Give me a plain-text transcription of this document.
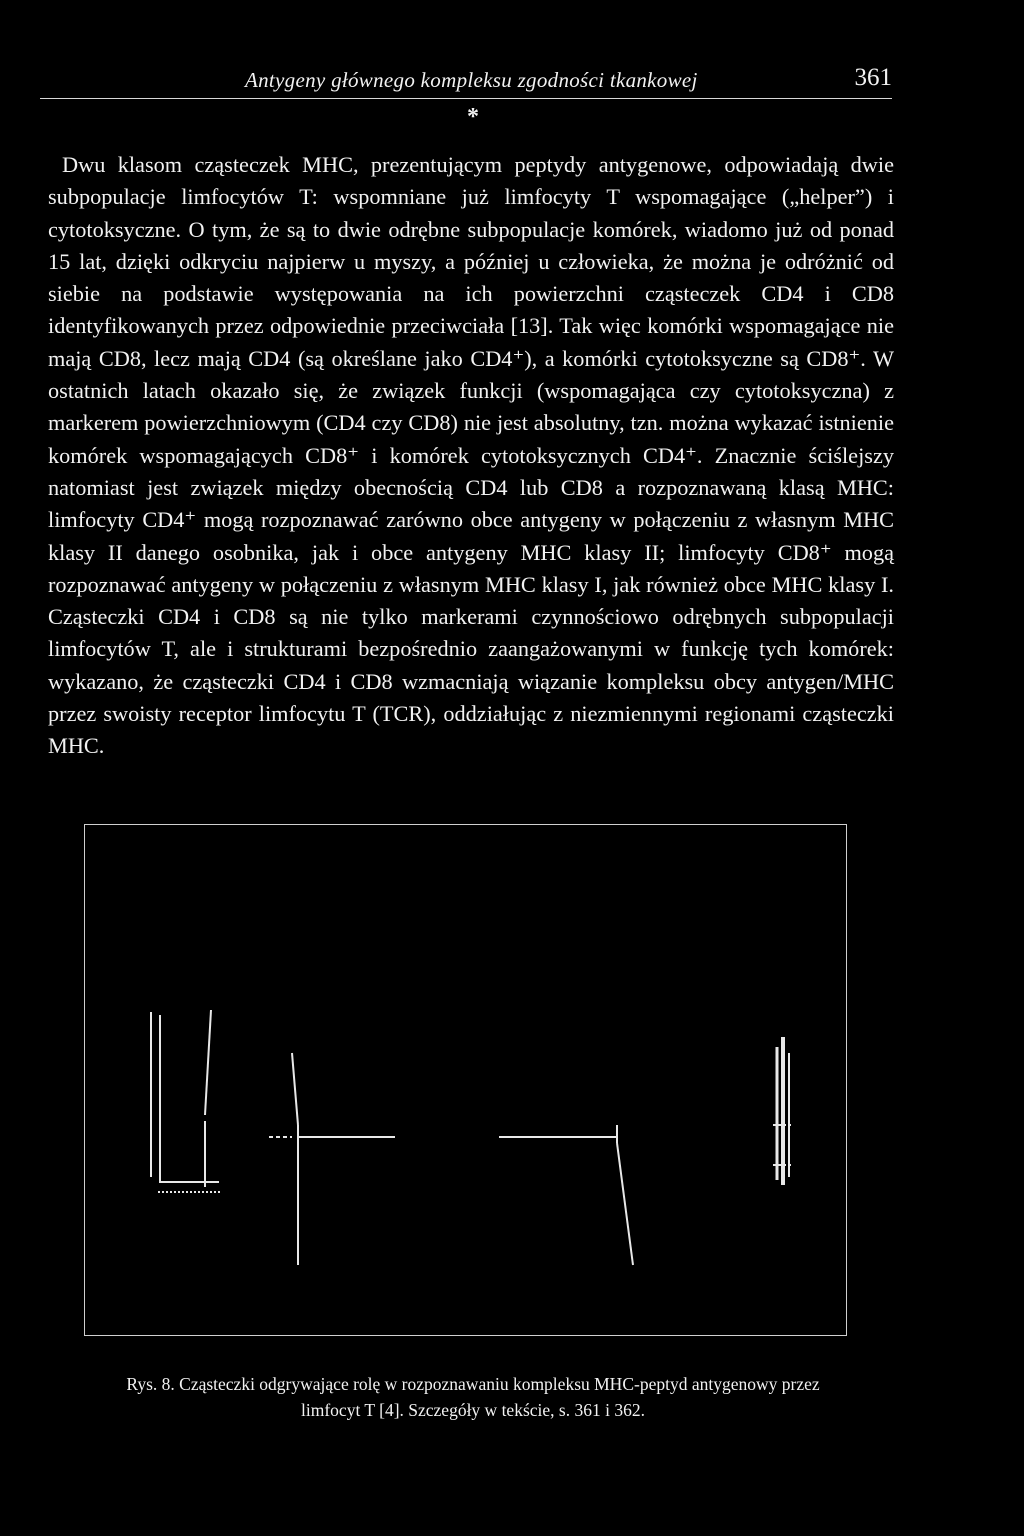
Antygeny głównego kompleksu zgodności tkankowej	361
*

Dwu klasom cząsteczek MHC, prezentującym peptydy antygenowe, odpowiadają dwie subpopulacje limfocytów T: wspomniane już limfocyty T wspomagające („helper”) i cytotoksyczne. O tym, że są to dwie odrębne subpopulacje komórek, wiadomo już od ponad 15 lat, dzięki odkryciu najpierw u myszy, a później u człowieka, że można je odróżnić od siebie na podstawie występowania na ich powierzchni cząsteczek CD4 i CD8 identyfikowanych przez odpowiednie przeciwciała [13]. Tak więc komórki wspomagające nie mają CD8, lecz mają CD4 (są określane jako CD4⁺), a komórki cytotoksyczne są CD8⁺. W ostatnich latach okazało się, że związek funkcji (wspomagająca czy cytotoksyczna) z markerem powierzchniowym (CD4 czy CD8) nie jest absolutny, tzn. można wykazać istnienie komórek wspomagających CD8⁺ i komórek cytotoksycznych CD4⁺. Znacznie ściślejszy natomiast jest związek między obecnością CD4 lub CD8 a rozpoznawaną klasą MHC: limfocyty CD4⁺ mogą rozpoznawać zarówno obce antygeny w połączeniu z własnym MHC klasy II danego osobnika, jak i obce antygeny MHC klasy II; limfocyty CD8⁺ mogą rozpoznawać antygeny w połączeniu z własnym MHC klasy I, jak również obce MHC klasy I. Cząsteczki CD4 i CD8 są nie tylko markerami czynnościowo odrębnych subpopulacji limfocytów T, ale i strukturami bezpośrednio zaangażowanymi w funkcję tych komórek: wykazano, że cząsteczki CD4 i CD8 wzmacniają wiązanie kompleksu obcy antygen/MHC przez swoisty receptor limfocytu T (TCR), oddziałując z niezmiennymi regionami cząsteczki MHC.

Rys. 8. Cząsteczki odgrywające rolę w rozpoznawaniu kompleksu MHC-peptyd antygenowy przez
limfocyt T [4]. Szczegóły w tekście, s. 361 i 362.
